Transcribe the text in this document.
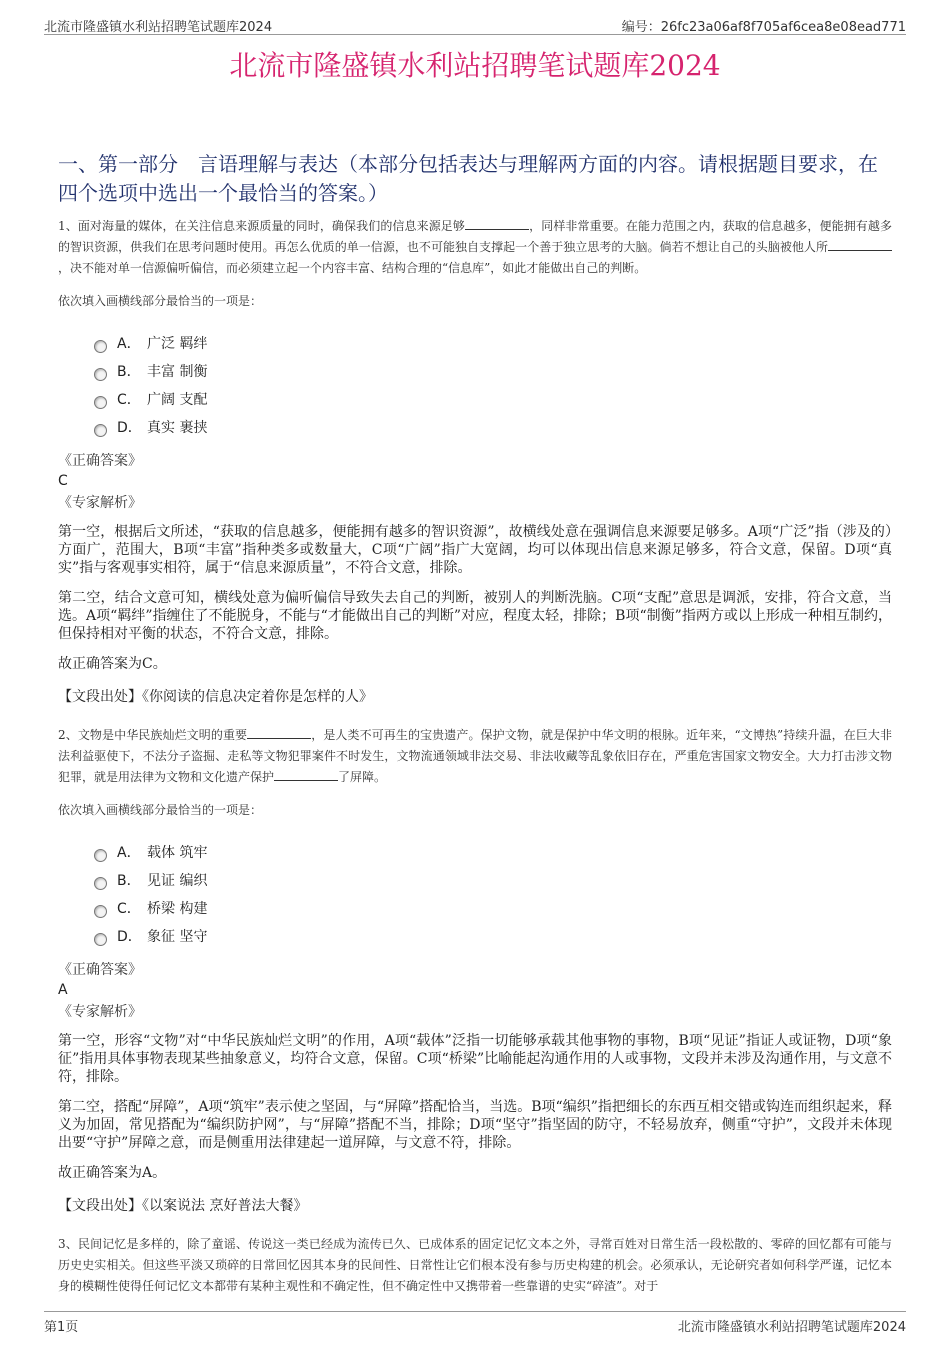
北流市隆盛镇水利站招聘笔试题库2024	编号：26fc23a06af8f705af6cea8e08ead771
北流市隆盛镇水利站招聘笔试题库2024
一、第一部分　言语理解与表达（本部分包括表达与理解两方面的内容。请根据题目要求，在四个选项中选出一个最恰当的答案。）
1、面对海量的媒体，在关注信息来源质量的同时，确保我们的信息来源足够	，同样非常重要。在能力范围之内，获取的信息越多，便能拥有越多的智识资源，供我们在思考问题时使用。再怎么优质的单一信源，也不可能独自支撑起一个善于独立思考的大脑。倘若不想让自己的头脑被他人所，决不能对单一信源偏听偏信，而必须建立起一个内容丰富、结构合理的“信息库”，如此才能做出自己的判断。
依次填入画横线部分最恰当的一项是：
A． 广泛 羁绊
B． 丰富 制衡
C． 广阔 支配
D． 真实 裹挟
《正确答案》
C
《专家解析》
第一空，根据后文所述，“获取的信息越多，便能拥有越多的智识资源”，故横线处意在强调信息来源要足够多。A项“广泛”指（涉及的）方面广，范围大，B项“丰富”指种类多或数量大，C项“广阔”指广大宽阔，均可以体现出信息来源足够多，符合文意，保留。D项“真实”指与客观事实相符，属于“信息来源质量”，不符合文意，排除。
第二空，结合文意可知，横线处意为偏听偏信导致失去自己的判断，被别人的判断洗脑。C项“支配”意思是调派，安排，符合文意，当选。A项“羁绊”指缠住了不能脱身，不能与“才能做出自己的判断”对应，程度太轻，排除；B项“制衡”指两方或以上形成一种相互制约，但保持相对平衡的状态，不符合文意，排除。
故正确答案为C。
【文段出处】《你阅读的信息决定着你是怎样的人》
2、文物是中华民族灿烂文明的重要	，是人类不可再生的宝贵遗产。保护文物，就是保护中华文明的根脉。近年来，“文博热”持续升温，在巨大非法利益驱使下，不法分子盗掘、走私等文物犯罪案件不时发生，文物流通领域非法交易、非法收藏等乱象依旧存在，严重危害国家文物安全。大力打击涉文物犯罪，就是用法律为文物和文化遗产保护	了屏障。
依次填入画横线部分最恰当的一项是：
A． 载体 筑牢
B． 见证 编织
C． 桥梁 构建
D． 象征 坚守
《正确答案》
A
《专家解析》
第一空，形容“文物”对“中华民族灿烂文明”的作用，A项“载体”泛指一切能够承载其他事物的事物，B项“见证”指证人或证物，D项“象征”指用具体事物表现某些抽象意义，均符合文意，保留。C项“桥梁”比喻能起沟通作用的人或事物，文段并未涉及沟通作用，与文意不符，排除。
第二空，搭配“屏障”，A项“筑牢”表示使之坚固，与“屏障”搭配恰当，当选。B项“编织”指把细长的东西互相交错或钩连而组织起来，释义为加固，常见搭配为“编织防护网”，与“屏障”搭配不当，排除；D项“坚守”指坚固的防守，不轻易放弃，侧重“守护”，文段并未体现出要“守护”屏障之意，而是侧重用法律建起一道屏障，与文意不符，排除。
故正确答案为A。
【文段出处】《以案说法 烹好普法大餐》
3、民间记忆是多样的，除了童谣、传说这一类已经成为流传已久、已成体系的固定记忆文本之外，寻常百姓对日常生活一段松散的、零碎的回忆都有可能与历史史实相关。但这些平淡又琐碎的日常回忆因其本身的民间性、日常性让它们根本没有参与历史构建的机会。必须承认，无论研究者如何科学严谨，记忆本身的模糊性使得任何记忆文本都带有某种主观性和不确定性，但不确定性中又携带着一些靠谱的史实“碎渣”。对于
第1页	北流市隆盛镇水利站招聘笔试题库2024
